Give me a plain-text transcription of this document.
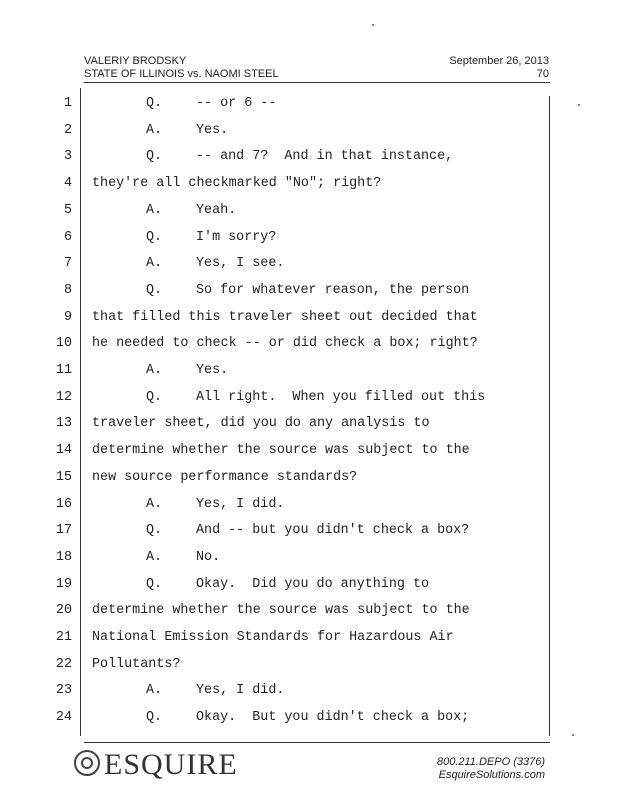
VALERIY BRODSKY
STATE OF ILLINOIS vs. NAOMI STEEL
September 26, 2013
70
1	Q.	-- or 6 --
2	A.	Yes.
3	Q.	-- and 7?  And in that instance,
4 they're all checkmarked "No"; right?
5	A.	Yeah.
6	Q.	I'm sorry?
7	A.	Yes, I see.
8	Q.	So for whatever reason, the person
9 that filled this traveler sheet out decided that
10 he needed to check -- or did check a box; right?
11	A.	Yes.
12	Q.	All right.  When you filled out this
13 traveler sheet, did you do any analysis to
14 determine whether the source was subject to the
15 new source performance standards?
16	A.	Yes, I did.
17	Q.	And -- but you didn't check a box?
18	A.	No.
19	Q.	Okay.  Did you do anything to
20 determine whether the source was subject to the
21 National Emission Standards for Hazardous Air
22 Pollutants?
23	A.	Yes, I did.
24	Q.	Okay.  But you didn't check a box;
ESQUIRE	800.211.DEPO (3376)
EsquireSolutions.com
